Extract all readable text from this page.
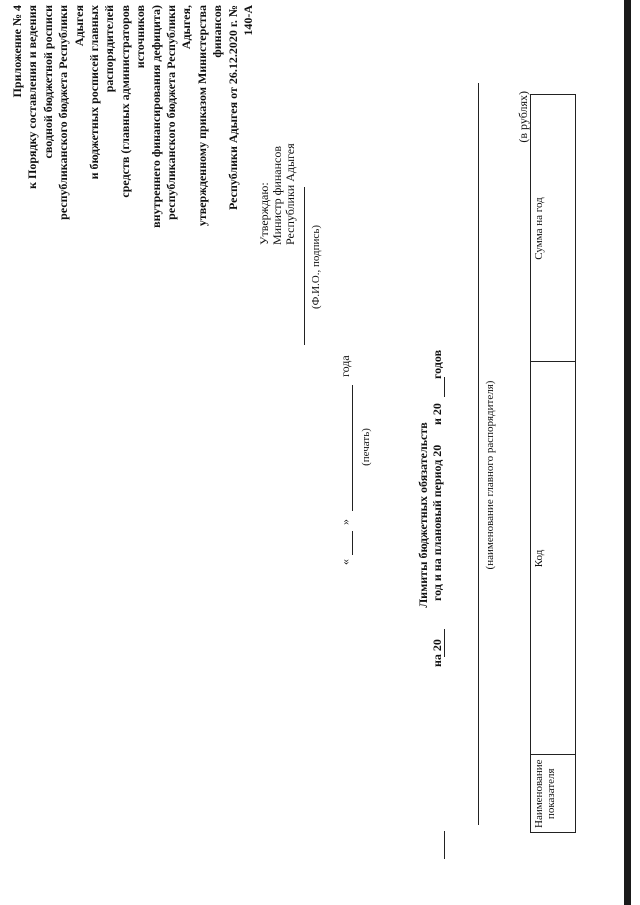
Приложение № 4 к Порядку составления и ведения сводной бюджетной росписи республиканского бюджета Республики Адыгея и бюджетных росписей главных распорядителей средств (главных администраторов источников внутреннего финансирования дефицита) республиканского бюджета Республики Адыгея, утвержденному приказом Министерства финансов Республики Адыгея от 26.12.2020 г. № 140-А
Утверждаю: Министр финансов Республики Адыгея
(Ф.И.О., подпись)
«
»
года
(печать)	Лимиты бюджетных обязательств
на 20
год и на плановый период 20
и 20
годов
(наименование главного распорядителя)
(в рублях)
Наименование показателя	Код	Сумма на год
